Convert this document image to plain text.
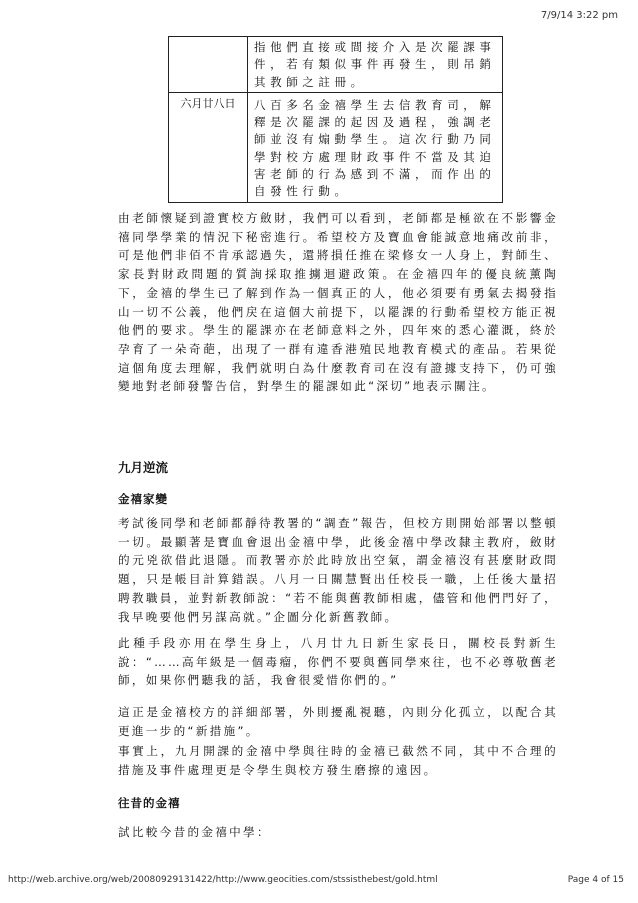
7/9/14 3:22 pm
	指他們直接或間接介入是次罷課事件，若有類似事件再發生，則吊銷其教師之註冊。
六月廿八日	八百多名金禧學生去信教育司，解釋是次罷課的起因及過程，強調老師並沒有煽動學生。這次行動乃同學對校方處理財政事件不當及其迫害老師的行為感到不滿，而作出的自發性行動。

由老師懷疑到證實校方斂財，我們可以看到，老師都是極欲在不影響金禧同學學業的情況下秘密進行。希望校方及寶血會能誠意地痛改前非，可是他們非佰不肯承認過失，還將損任推在梁修女一人身上，對師生、家長對財政問題的質詢採取推擄迴避政策。在金禧四年的優良統薰陶下，金禧的學生已了解到作為一個真正的人，他必須要有勇氣去揭發指山一切不公義，他們戻在這個大前提下，以罷課的行動希望校方能正視他們的要求。學生的罷課亦在老師意料之外，四年來的悉心灌溉，終於孕育了一朵奇葩，出現了一群有違香港殖民地教育模式的產品。若果從這個角度去理解，我們就明白為什麼教育司在沒有證據支持下，仍可強變地對老師發警告信，對學生的罷課如此“深切”地表示關注。

九月逆流
金禧家變

考試後同學和老師都靜待教署的“調查”報告，但校方則開始部署以整頓一切。最顯著是寶血會退出金禧中學，此後金禧中學改隸主教府，斂財的元兇欲借此退隱。而教署亦於此時放出空氣，謂金禧沒有甚麼財政問題，只是帳目計算錯誤。八月一日關慧賢出任校長一職，上任後大量招聘教職員，並對新教師說：“若不能與舊教師相處，儘管和他們門好了，我早晚要他們另謀高就。”企圖分化新舊教師。

此種手段亦用在學生身上，八月廿九日新生家長日，關校長對新生說：“……高年級是一個毒瘤，你們不要與舊同學來往，也不必尊敬舊老師，如果你們聽我的話，我會很愛惜你們的。”

這正是金禧校方的詳細部署，外則擾亂視聽，內則分化孤立，以配合其更進一步的“新措施”。

事實上，九月開課的金禧中學與往時的金禧已截然不同，其中不合理的措施及事件處理更是令學生與校方發生磨擦的遠因。

往昔的金禧

試比較今昔的金禧中學：

http://web.archive.org/web/20080929131422/http://www.geocities.com/stssisthebest/gold.html	Page 4 of 15
